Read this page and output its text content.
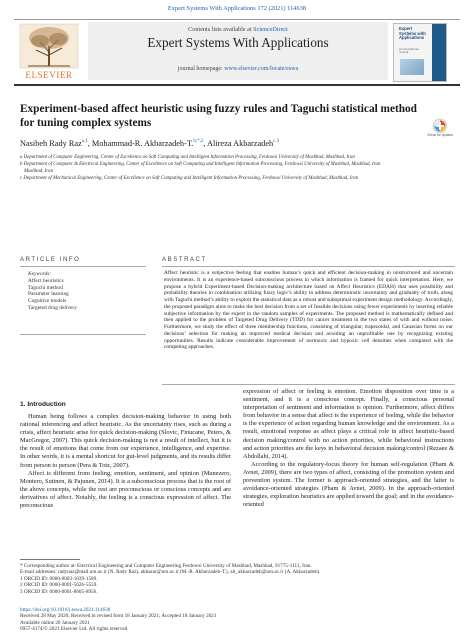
Expert Systems With Applications 172 (2021) 114638
ELSEVIER
Contents lists available at ScienceDirect
Expert Systems With Applications
journal homepage: www.elsevier.com/locate/eswa
Expert Systems with Applications
An International Journal
Check for updates
Experiment-based affect heuristic using fuzzy rules and Taguchi statistical method for tuning complex systems
Nasibeh Rady Raz$^{a,1}$, Mohammad-R. Akbarzadeh-T.$^{b,*,2}$, Alireza Akbarzadeh$^{c,3}$
a Department of Computer Engineering, Center of Excellence on Soft Computing and Intelligent Information Processing, Ferdowsi University of Mashhad, Mashhad, Iran
b Department of Computer & Electrical Engineering, Center of Excellence on Soft Computing and Intelligent Information Processing, Ferdowsi University of Mashhad, Mashhad, Iran
Mashhad, Iran
c Department of Mechanical Engineering, Center of Excellence on Soft Computing and Intelligent Information Processing, Ferdowsi University of Mashhad, Mashhad, Iran
ARTICLE INFO	ABSTRACT
Keywords:
Affect heuristics
Taguchi method
Parameter learning
Cognitive models
Targeted drug delivery
Affect heuristic is a subjective feeling that enables human’s quick and efficient decision-making in unstructured and uncertain environments. It is an experience-based subconscious process in which information is framed for quick interpretation. Here, we propose a hybrid Experiment-based Decision-making architecture based on Affect Heuristics (EDAH) that uses possibility and probability theories in combination utilizing fuzzy logic’s ability to address deterministic uncertainty and gradualty of truth, along with Taguchi method’s ability to exploit the statistical data as a robust and suboptimal experiment design methodology. Accordingly, the proposed paradigm aims to make the best decision from a set of feasible decisions using fewer experiments by inserting reliable subjective information by the expert in the random samples of experiments. The proposed method is mathematically defined and then applied to the problem of Targeted Drug Delivery (TDD) for cancer treatment in the two states of with and without noise. Furthermore, we study the effect of three membership functions, consisting of triangular, trapezoidal, and Gaussian forms on our decisions’ selection for making an improved medical decision and avoiding an unprofitable one by recognizing existing opportunities. Results indicate considerable improvement of normoxic and hypoxic cell densities when compared with the competing approaches.
1. Introduction

Human being follows a complex decision-making behavior in using both rational inferencing and affect heuristic. As the uncertainty rises, such as during a crisis, affect heuristic arise for quick decision-making (Slovic, Finucane, Peters, & MacGregor, 2007). This quick decision-making is not a result of intellect, but it is the result of emotions that come from our experience, intelligence, and expertise. In other words, it is a mental shortcut for gut-level judgments, and its results differ from person to person (Pera & Totz, 2007).

Affect is different from feeling, emotion, sentiment, and opinion (Munezero, Montero, Sutinen, & Pajunen, 2014). It is a subconscious process that is the root of the above concepts, while the rest are preconscious or conscious concepts and are derivatives of affect. Notably, the feeling is a conscious expression of affect. The preconscious

expression of affect or feeling is emotion. Emotion disposition over time is a sentiment, and it is a conscious concept. Finally, a conscious personal interpretation of sentiment and information is opinion. Furthermore, affect differs from behavior in a sense that affect is the experience of feeling, while the behavior is the experience of action regarding human knowledge and the environment. As a result, emotional response as affect plays a critical role in affect heuristic-based decision making/control with no action priorities, while behavioral instructions and action priorities are the keys in behavioral decision making/control (Rezaee & Abdollahi, 2014).

According to the regulatory-focus theory for human self-regulation (Pham & Avnet, 2009), there are two types of affect, consisting of the promotion system and prevention system. The former is approach-oriented strategies, and the latter is avoidance-oriented strategies (Pham & Avnet, 2009). In the approach-oriented strategies, exploration heuristics are applied toward the goal; and in the avoidance-oriented

* Corresponding author at: Electrical Engineering and Computer Engineering Ferdowsi University of Mashhad, Mashhad, 91775-1111, Iran.
E-mail addresses: radynaz@mail.um.ac.ir (N. Rady Raz), akbazar@um.ac.ir (M.-R. Akbarzadeh-T.), ali_akbarzadeh@um.ac.ir (A. Akbarzadeh).
1 ORCID ID: 0000-0003-1039-1589.
2 ORCID ID: 0000-0001-5626-5559.
3 ORCID ID: 0000-0001-8605-8956.
https://doi.org/10.1016/j.eswa.2021.114638
Received 28 May 2020; Received in revised form 18 January 2021; Accepted 18 January 2021
Available online 26 January 2021
0957-4174/© 2021 Elsevier Ltd. All rights reserved.
